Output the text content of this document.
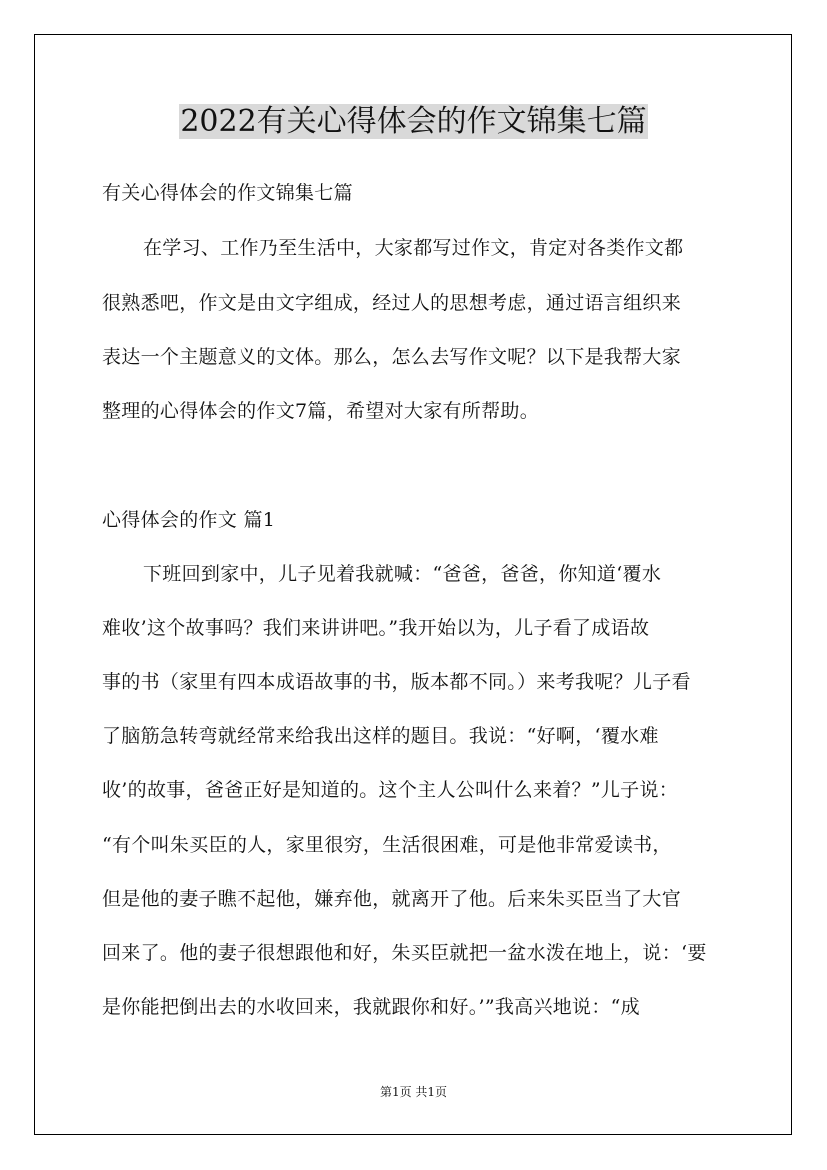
2022有关心得体会的作文锦集七篇
有关心得体会的作文锦集七篇
在学习、工作乃至生活中，大家都写过作文，肯定对各类作文都
很熟悉吧，作文是由文字组成，经过人的思想考虑，通过语言组织来
表达一个主题意义的文体。那么，怎么去写作文呢？以下是我帮大家
整理的心得体会的作文7篇，希望对大家有所帮助。
心得体会的作文 篇1
下班回到家中，儿子见着我就喊：“爸爸，爸爸，你知道‘覆水
难收’这个故事吗？我们来讲讲吧。”我开始以为，儿子看了成语故
事的书（家里有四本成语故事的书，版本都不同。）来考我呢？儿子看
了脑筋急转弯就经常来给我出这样的题目。我说：“好啊，‘覆水难
收’的故事，爸爸正好是知道的。这个主人公叫什么来着？”儿子说：
“有个叫朱买臣的人，家里很穷，生活很困难，可是他非常爱读书，
但是他的妻子瞧不起他，嫌弃他，就离开了他。后来朱买臣当了大官
回来了。他的妻子很想跟他和好，朱买臣就把一盆水泼在地上，说：‘要
是你能把倒出去的水收回来，我就跟你和好。’”我高兴地说：“成
第1页 共1页
